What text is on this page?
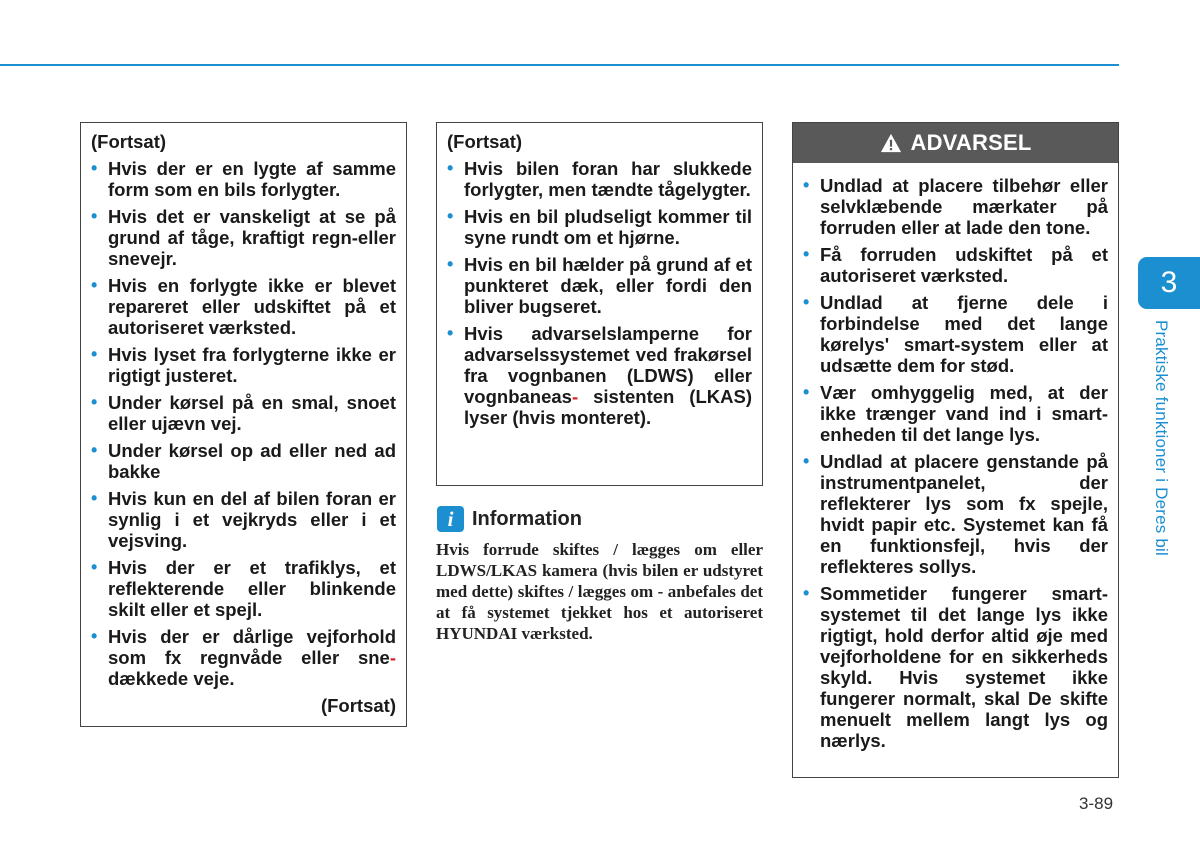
(Fortsat)
• Hvis der er en lygte af samme form som en bils forlygter.
• Hvis det er vanskeligt at se på grund af tåge, kraftigt regn-eller snevejr.
• Hvis en forlygte ikke er blevet repareret eller udskiftet på et autoriseret værksted.
• Hvis lyset fra forlygterne ikke er rigtigt justeret.
• Under kørsel på en smal, snoet eller ujævn vej.
• Under kørsel op ad eller ned ad bakke
• Hvis kun en del af bilen foran er synlig i et vejkryds eller i et vejsving.
• Hvis der er et trafiklys, et reflekterende eller blinkende skilt eller et spejl.
• Hvis der er dårlige vejforhold som fx regnvåde eller sne- dækkede veje.
(Fortsat)
(Fortsat)
• Hvis bilen foran har slukkede forlygter, men tændte tågelygter.
• Hvis en bil pludseligt kommer til syne rundt om et hjørne.
• Hvis en bil hælder på grund af et punkteret dæk, eller fordi den bliver bugseret.
• Hvis advarselslamperne for advarselssystemet ved frakørsel fra vognbanen (LDWS) eller vognbaneas- sistenten (LKAS) lyser (hvis monteret).
i Information
Hvis forrude skiftes / lægges om eller LDWS/LKAS kamera (hvis bilen er udstyret med dette) skiftes / lægges om - anbefales det at få systemet tjekket hos et autoriseret HYUNDAI værksted.
ADVARSEL
• Undlad at placere tilbehør eller selvklæbende mærkater på forruden eller at lade den tone.
• Få forruden udskiftet på et autoriseret værksted.
• Undlad at fjerne dele i forbindelse med det lange kørelys' smart-system eller at udsætte dem for stød.
• Vær omhyggelig med, at der ikke trænger vand ind i smart-enheden til det lange lys.
• Undlad at placere genstande på instrumentpanelet, der reflekterer lys som fx spejle, hvidt papir etc. Systemet kan få en funktionsfejl, hvis der reflekteres sollys.
• Sommetider fungerer smart-systemet til det lange lys ikke rigtigt, hold derfor altid øje med vejforholdene for en sikkerheds skyld. Hvis systemet ikke fungerer normalt, skal De skifte menuelt mellem langt lys og nærlys.
3
Praktiske funktioner i Deres bil
3-89
